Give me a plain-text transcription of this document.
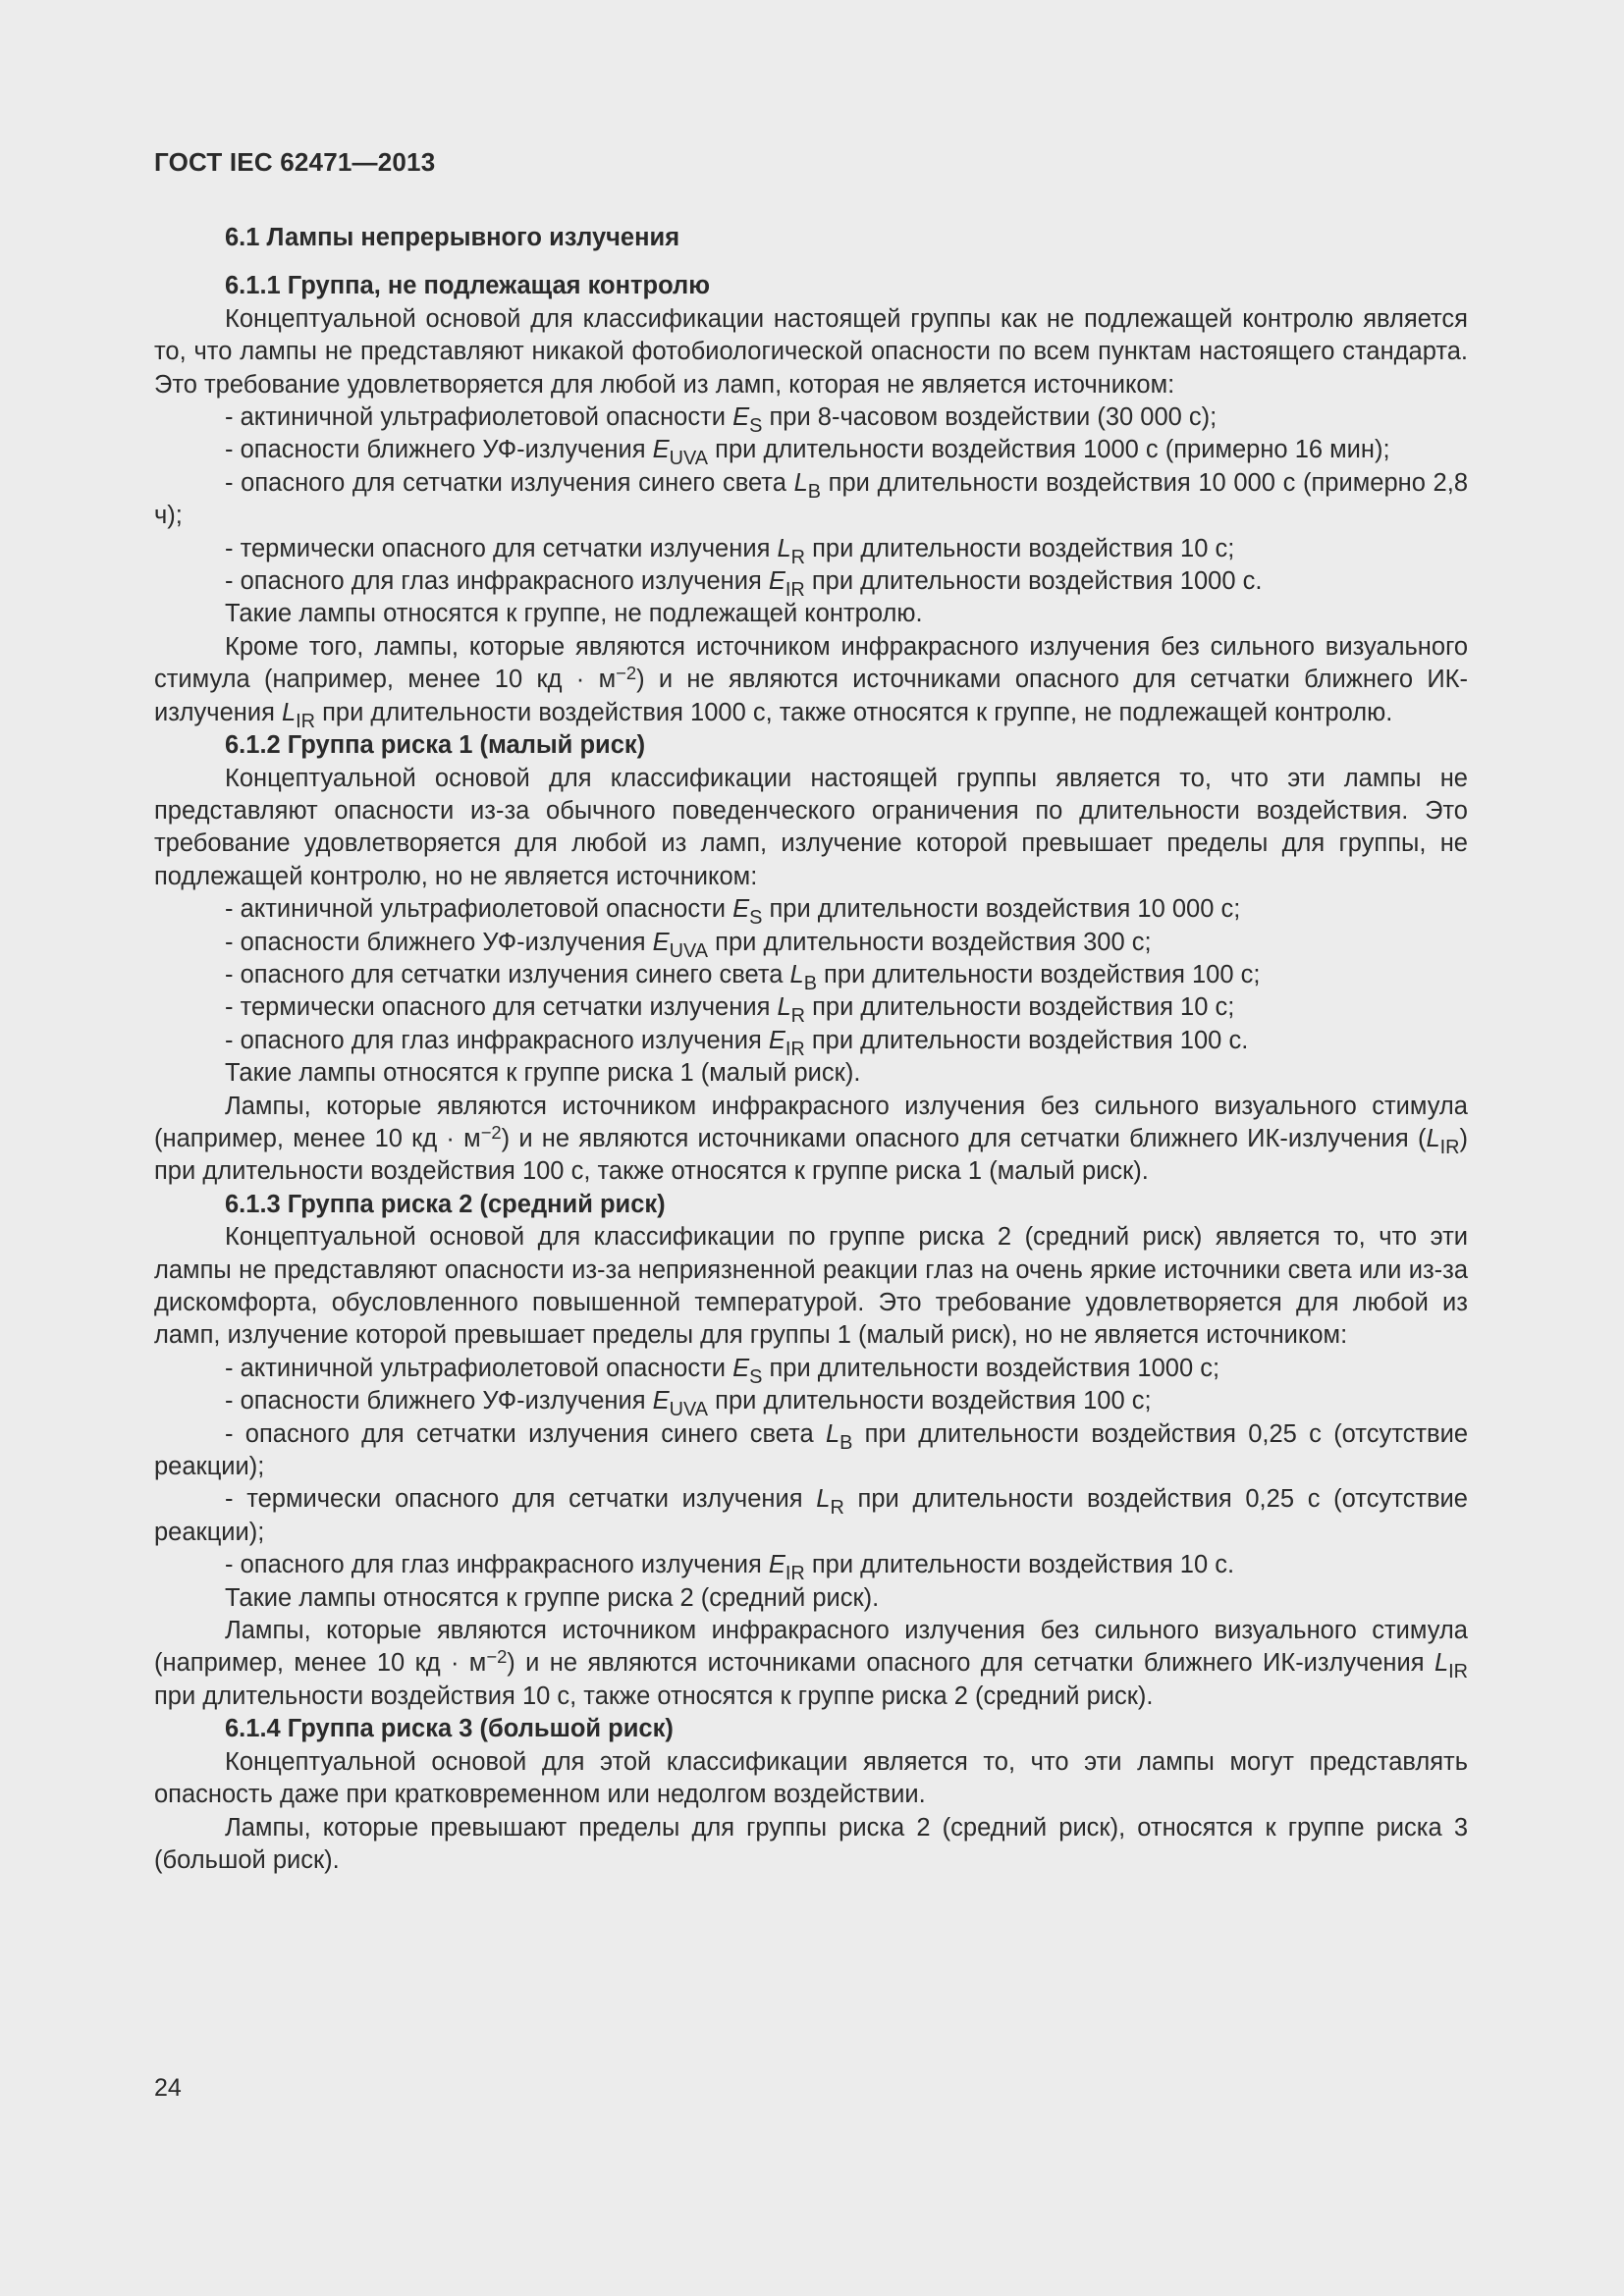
ГОСТ IEC 62471—2013

6.1 Лампы непрерывного излучения

6.1.1 Группа, не подлежащая контролю

Концептуальной основой для классификации настоящей группы как не подлежащей контролю является то, что лампы не представляют никакой фотобиологической опасности по всем пунктам настоящего стандарта. Это требование удовлетворяется для любой из ламп, которая не является источником:

- актиничной ультрафиолетовой опасности $E_S$ при 8-часовом воздействии (30 000 с);

- опасности ближнего УФ-излучения $E_{UVA}$ при длительности воздействия 1000 с (примерно 16 мин);

- опасного для сетчатки излучения синего света $L_B$ при длительности воздействия 10 000 с (примерно 2,8 ч);

- термически опасного для сетчатки излучения $L_R$ при длительности воздействия 10 с;

- опасного для глаз инфракрасного излучения $E_{IR}$ при длительности воздействия 1000 с.

Такие лампы относятся к группе, не подлежащей контролю.

Кроме того, лампы, которые являются источником инфракрасного излучения без сильного визуального стимула (например, менее 10 кд · $м^{-2}$) и не являются источниками опасного для сетчатки ближнего ИК-излучения $L_{IR}$ при длительности воздействия 1000 с, также относятся к группе, не подлежащей контролю.

6.1.2 Группа риска 1 (малый риск)

Концептуальной основой для классификации настоящей группы является то, что эти лампы не представляют опасности из-за обычного поведенческого ограничения по длительности воздействия. Это требование удовлетворяется для любой из ламп, излучение которой превышает пределы для группы, не подлежащей контролю, но не является источником:

- актиничной ультрафиолетовой опасности $E_S$ при длительности воздействия 10 000 с;

- опасности ближнего УФ-излучения $E_{UVA}$ при длительности воздействия 300 с;

- опасного для сетчатки излучения синего света $L_B$ при длительности воздействия 100 с;

- термически опасного для сетчатки излучения $L_R$ при длительности воздействия 10 с;

- опасного для глаз инфракрасного излучения $E_{IR}$ при длительности воздействия 100 с.

Такие лампы относятся к группе риска 1 (малый риск).

Лампы, которые являются источником инфракрасного излучения без сильного визуального стимула (например, менее 10 кд · $м^{-2}$) и не являются источниками опасного для сетчатки ближнего ИК-излучения $(L_{IR})$ при длительности воздействия 100 с, также относятся к группе риска 1 (малый риск).

6.1.3 Группа риска 2 (средний риск)

Концептуальной основой для классификации по группе риска 2 (средний риск) является то, что эти лампы не представляют опасности из-за неприязненной реакции глаз на очень яркие источники света или из-за дискомфорта, обусловленного повышенной температурой. Это требование удовлетворяется для любой из ламп, излучение которой превышает пределы для группы 1 (малый риск), но не является источником:

- актиничной ультрафиолетовой опасности $E_S$ при длительности воздействия 1000 с;

- опасности ближнего УФ-излучения $E_{UVA}$ при длительности воздействия 100 с;

- опасного для сетчатки излучения синего света $L_B$ при длительности воздействия 0,25 с (отсутствие реакции);

- термически опасного для сетчатки излучения $L_R$ при длительности воздействия 0,25 с (отсутствие реакции);

- опасного для глаз инфракрасного излучения $E_{IR}$ при длительности воздействия 10 с.

Такие лампы относятся к группе риска 2 (средний риск).

Лампы, которые являются источником инфракрасного излучения без сильного визуального стимула (например, менее 10 кд · $м^{-2}$) и не являются источниками опасного для сетчатки ближнего ИК-излучения $L_{IR}$ при длительности воздействия 10 с, также относятся к группе риска 2 (средний риск).

6.1.4 Группа риска 3 (большой риск)

Концептуальной основой для этой классификации является то, что эти лампы могут представлять опасность даже при кратковременном или недолгом воздействии.

Лампы, которые превышают пределы для группы риска 2 (средний риск), относятся к группе риска 3 (большой риск).

24
